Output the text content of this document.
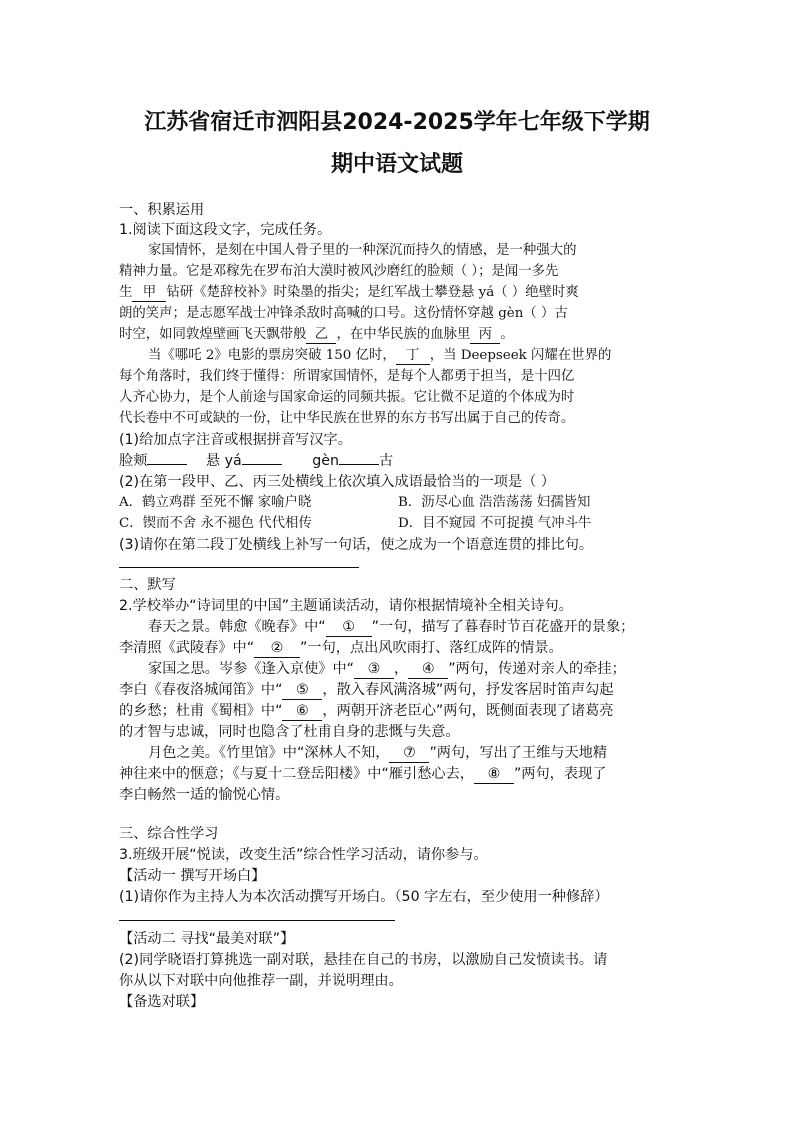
江苏省宿迁市泗阳县2024-2025学年七年级下学期
期中语文试题
一、积累运用
1.阅读下面这段文字，完成任务。
家国情怀，是刻在中国人骨子里的一种深沉而持久的情感，是一种强大的
精神力量。它是邓稼先在罗布泊大漠时被风沙磨红的脸颊（ ）；是闻一多先
生 甲 钻研《楚辞校补》时染墨的指尖；是红军战士攀登悬 yá（ ）绝壁时爽
朗的笑声；是志愿军战士冲锋杀敌时高喊的口号。这份情怀穿越 gèn（ ）古
时空，如同敦煌壁画飞天飘带般 乙 ，在中华民族的血脉里 丙 。
当《哪吒 2》电影的票房突破 150 亿时， 丁 ，当 Deepseek 闪耀在世界的
每个角落时，我们终于懂得：所谓家国情怀，是每个人都勇于担当，是十四亿
人齐心协力，是个人前途与国家命运的同频共振。它让微不足道的个体成为时
代长卷中不可或缺的一份，让中华民族在世界的东方书写出属于自己的传奇。
(1)给加点字注音或根据拼音写汉字。
脸颊	悬 yá	gèn	古
(2)在第一段甲、乙、丙三处横线上依次填入成语最恰当的一项是（ ）
A．鹤立鸡群 至死不懈 家喻户晓	B．沥尽心血 浩浩荡荡 妇孺皆知
C．锲而不舍 永不褪色 代代相传	D．目不窥园 不可捉摸 气冲斗牛
(3)请你在第二段丁处横线上补写一句话，使之成为一个语意连贯的排比句。
二、默写
2.学校举办“诗词里的中国”主题诵读活动，请你根据情境补全相关诗句。
春天之景。韩愈《晚春》中“ ① ”一句，描写了暮春时节百花盛开的景象；
李清照《武陵春》中“ ② ”一句，点出风吹雨打、落红成阵的情景。
家国之思。岑参《逢入京使》中“ ③ ， ④ ”两句，传递对亲人的牵挂；
李白《春夜洛城闻笛》中“ ⑤ ，散入春风满洛城”两句，抒发客居时笛声勾起
的乡愁；杜甫《蜀相》中“ ⑥ ，两朝开济老臣心”两句，既侧面表现了诸葛亮
的才智与忠诚，同时也隐含了杜甫自身的悲慨与失意。
月色之美。《竹里馆》中“深林人不知， ⑦ ”两句，写出了王维与天地精
神往来中的惬意；《与夏十二登岳阳楼》中“雁引愁心去， ⑧ ”两句，表现了
李白畅然一适的愉悦心情。
三、综合性学习
3.班级开展“悦读，改变生活”综合性学习活动，请你参与。
【活动一 撰写开场白】
(1)请你作为主持人为本次活动撰写开场白。（50 字左右，至少使用一种修辞）
【活动二 寻找“最美对联”】
(2)同学晓语打算挑选一副对联，悬挂在自己的书房，以激励自己发愤读书。请
你从以下对联中向他推荐一副，并说明理由。
【备选对联】
